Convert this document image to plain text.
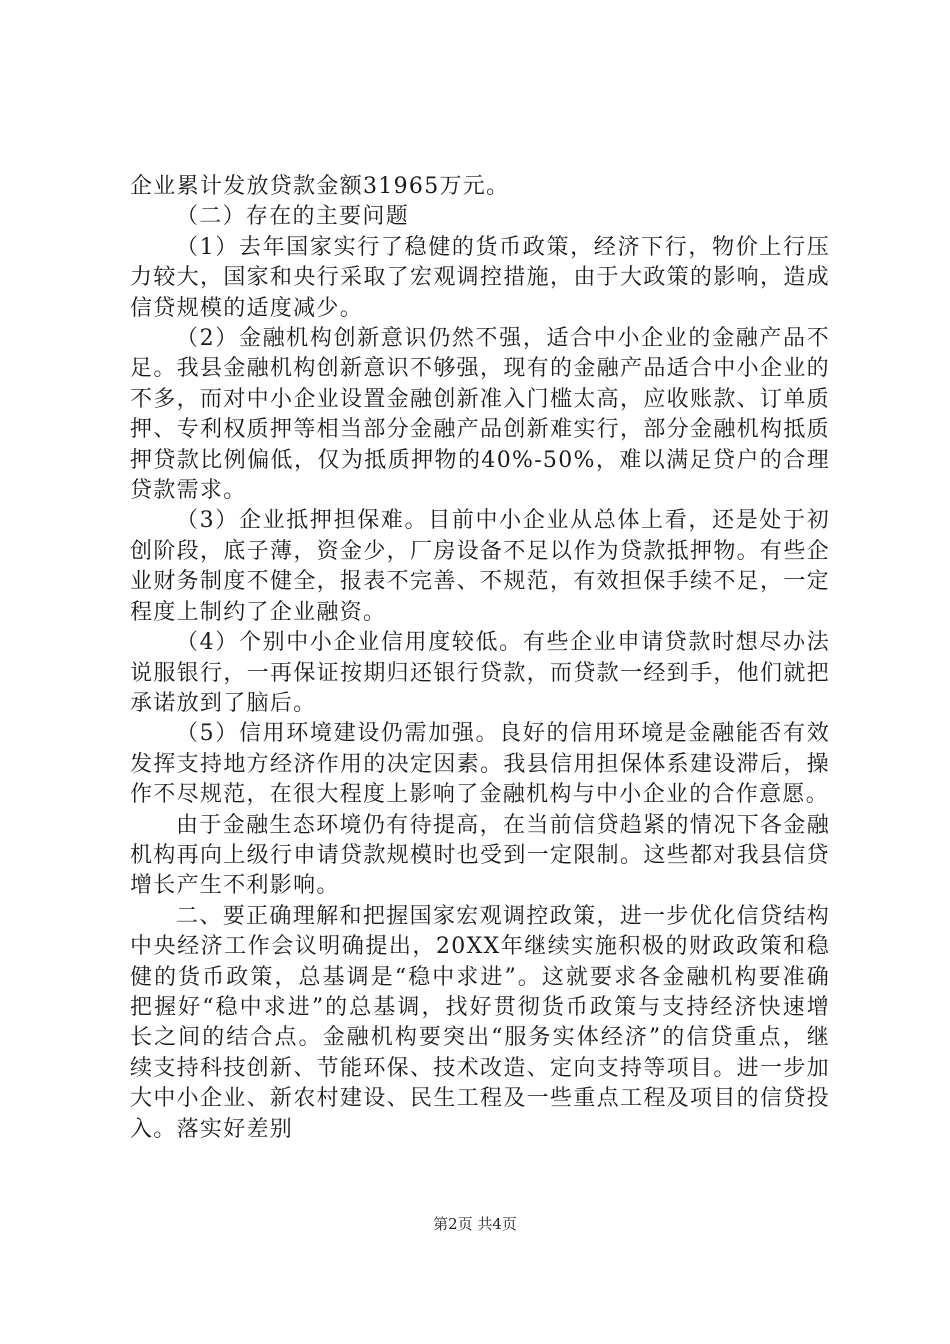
企业累计发放贷款金额31965万元。

（二）存在的主要问题

（1）去年国家实行了稳健的货币政策，经济下行，物价上行压力较大，国家和央行采取了宏观调控措施，由于大政策的影响，造成信贷规模的适度减少。

（2）金融机构创新意识仍然不强，适合中小企业的金融产品不足。我县金融机构创新意识不够强，现有的金融产品适合中小企业的不多，而对中小企业设置金融创新准入门槛太高，应收账款、订单质押、专利权质押等相当部分金融产品创新难实行，部分金融机构抵质押贷款比例偏低，仅为抵质押物的40%-50%，难以满足贷户的合理贷款需求。

（3）企业抵押担保难。目前中小企业从总体上看，还是处于初创阶段，底子薄，资金少，厂房设备不足以作为贷款抵押物。有些企业财务制度不健全，报表不完善、不规范，有效担保手续不足，一定程度上制约了企业融资。

（4）个别中小企业信用度较低。有些企业申请贷款时想尽办法说服银行，一再保证按期归还银行贷款，而贷款一经到手，他们就把承诺放到了脑后。

（5）信用环境建设仍需加强。良好的信用环境是金融能否有效发挥支持地方经济作用的决定因素。我县信用担保体系建设滞后，操作不尽规范，在很大程度上影响了金融机构与中小企业的合作意愿。

由于金融生态环境仍有待提高，在当前信贷趋紧的情况下各金融机构再向上级行申请贷款规模时也受到一定限制。这些都对我县信贷增长产生不利影响。

二、要正确理解和把握国家宏观调控政策，进一步优化信贷结构中央经济工作会议明确提出，20XX年继续实施积极的财政政策和稳健的货币政策，总基调是“稳中求进”。这就要求各金融机构要准确把握好“稳中求进”的总基调，找好贯彻货币政策与支持经济快速增长之间的结合点。金融机构要突出“服务实体经济”的信贷重点，继续支持科技创新、节能环保、技术改造、定向支持等项目。进一步加大中小企业、新农村建设、民生工程及一些重点工程及项目的信贷投入。落实好差别

第2页 共4页
